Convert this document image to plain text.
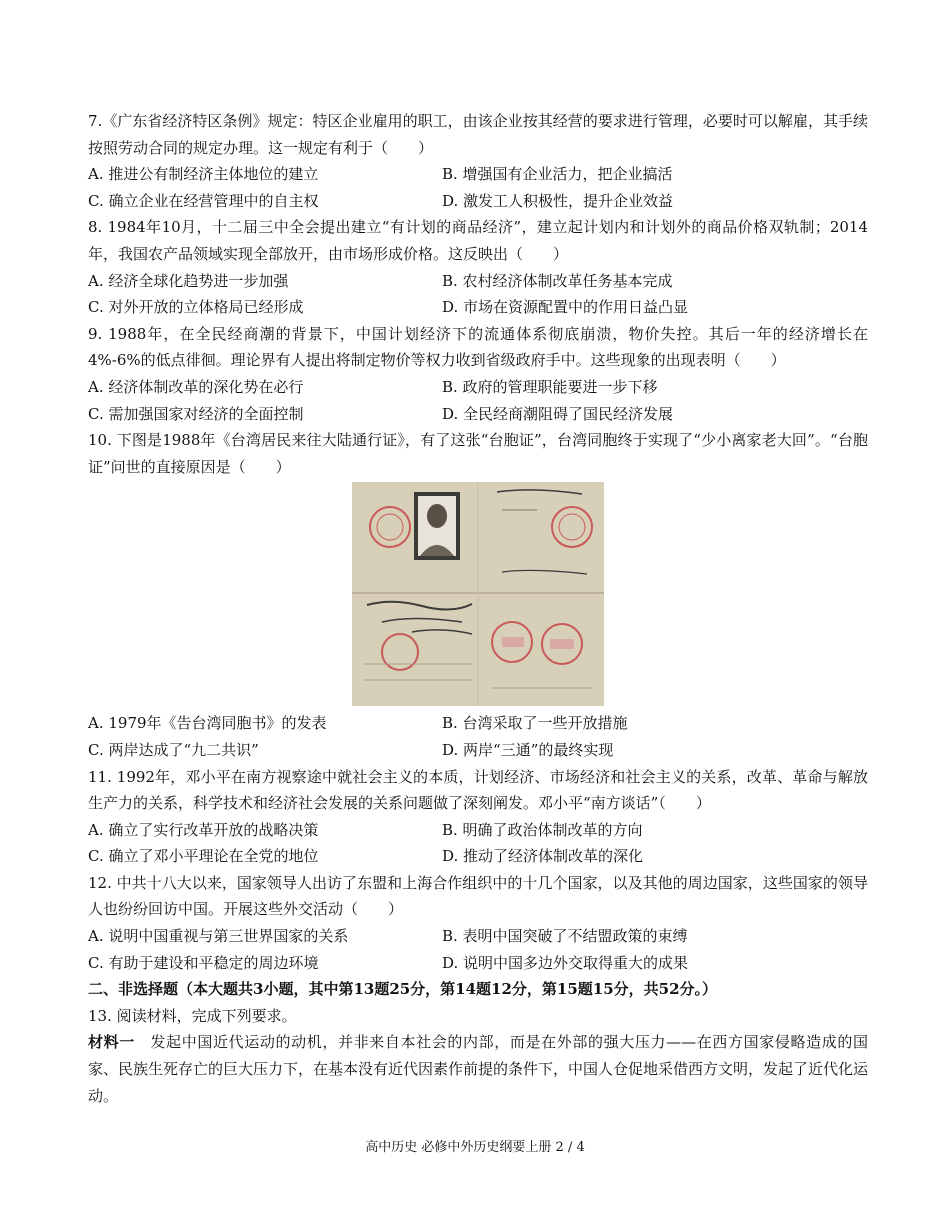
7.《广东省经济特区条例》规定：特区企业雇用的职工，由该企业按其经营的要求进行管理，必要时可以解雇，其手续按照劳动合同的规定办理。这一规定有利于（　　）
A. 推进公有制经济主体地位的建立	B. 增强国有企业活力，把企业搞活
C. 确立企业在经营管理中的自主权	D. 激发工人积极性，提升企业效益
8. 1984年10月，十二届三中全会提出建立“有计划的商品经济”，建立起计划内和计划外的商品价格双轨制；2014年，我国农产品领域实现全部放开，由市场形成价格。这反映出（　　）
A. 经济全球化趋势进一步加强	B. 农村经济体制改革任务基本完成
C. 对外开放的立体格局已经形成	D. 市场在资源配置中的作用日益凸显
9. 1988年，在全民经商潮的背景下，中国计划经济下的流通体系彻底崩溃，物价失控。其后一年的经济增长在4%-6%的低点徘徊。理论界有人提出将制定物价等权力收到省级政府手中。这些现象的出现表明（　　）
A. 经济体制改革的深化势在必行	B. 政府的管理职能要进一步下移
C. 需加强国家对经济的全面控制	D. 全民经商潮阻碍了国民经济发展
10. 下图是1988年《台湾居民来往大陆通行证》，有了这张“台胞证”，台湾同胞终于实现了“少小离家老大回”。“台胞证”问世的直接原因是（　　）
A. 1979年《告台湾同胞书》的发表	B. 台湾采取了一些开放措施
C. 两岸达成了“九二共识”	D. 两岸“三通”的最终实现
11. 1992年，邓小平在南方视察途中就社会主义的本质，计划经济、市场经济和社会主义的关系，改革、革命与解放生产力的关系，科学技术和经济社会发展的关系问题做了深刻阐发。邓小平“南方谈话”（　　）
A. 确立了实行改革开放的战略决策	B. 明确了政治体制改革的方向
C. 确立了邓小平理论在全党的地位	D. 推动了经济体制改革的深化
12. 中共十八大以来，国家领导人出访了东盟和上海合作组织中的十几个国家，以及其他的周边国家，这些国家的领导人也纷纷回访中国。开展这些外交活动（　　）
A. 说明中国重视与第三世界国家的关系	B. 表明中国突破了不结盟政策的束缚
C. 有助于建设和平稳定的周边环境	D. 说明中国多边外交取得重大的成果
二、非选择题（本大题共3小题，其中第13题25分，第14题12分，第15题15分，共52分。）
13. 阅读材料，完成下列要求。
材料一　发起中国近代运动的动机，并非来自本社会的内部，而是在外部的强大压力——在西方国家侵略造成的国家、民族生死存亡的巨大压力下，在基本没有近代因素作前提的条件下，中国人仓促地采借西方文明，发起了近代化运动。
高中历史 必修中外历史纲要上册 2 / 4
